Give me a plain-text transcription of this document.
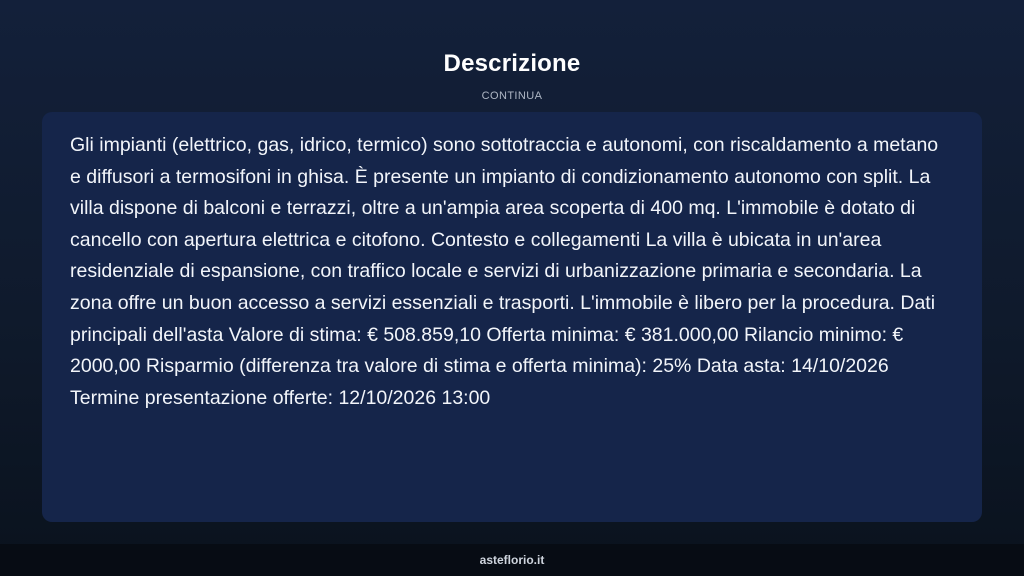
Descrizione
CONTINUA

Gli impianti (elettrico, gas, idrico, termico) sono sottotraccia e autonomi, con riscaldamento a metano e diffusori a termosifoni in ghisa. È presente un impianto di condizionamento autonomo con split. La villa dispone di balconi e terrazzi, oltre a un'ampia area scoperta di 400 mq. L'immobile è dotato di cancello con apertura elettrica e citofono. Contesto e collegamenti La villa è ubicata in un'area residenziale di espansione, con traffico locale e servizi di urbanizzazione primaria e secondaria. La zona offre un buon accesso a servizi essenziali e trasporti. L'immobile è libero per la procedura. Dati principali dell'asta Valore di stima: € 508.859,10 Offerta minima: € 381.000,00 Rilancio minimo: € 2000,00 Risparmio (differenza tra valore di stima e offerta minima): 25% Data asta: 14/10/2026 Termine presentazione offerte: 12/10/2026 13:00

asteflorio.it
